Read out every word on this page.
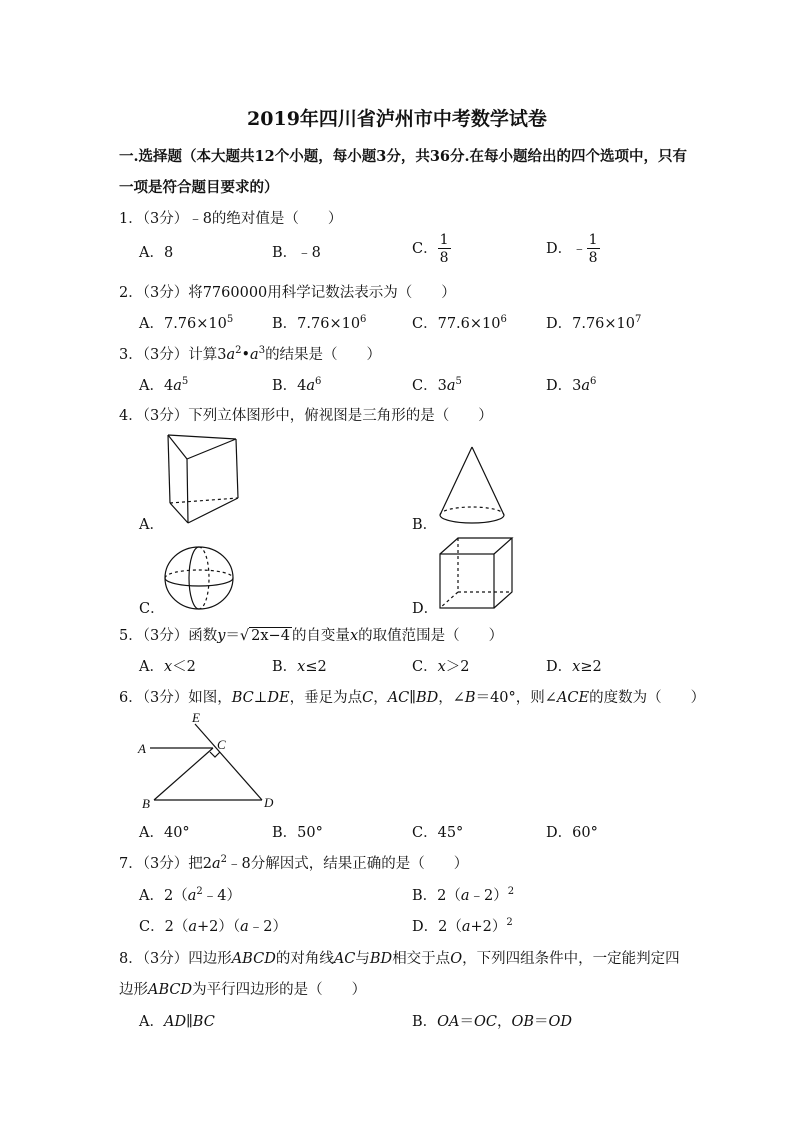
2019年四川省泸州市中考数学试卷
一.选择题（本大题共12个小题，每小题3分，共36分.在每小题给出的四个选项中，只有
一项是符合题目要求的）
1．（3分）﹣8的绝对值是（　　）
A．8	B．﹣8	C． $\frac{1}{8}$	D．﹣ $\frac{1}{8}$
2．（3分）将7760000用科学记数法表示为（　　）
A．$7.76\times 10^5$	B．$7.76\times 10^6$	C．$77.6\times 10^6$	D．$7.76\times 10^7$
3．（3分）计算$3a^2•a^3$的结果是（　　）
A．$4a^5$	B．$4a^6$	C．$3a^5$	D．$3a^6$
4．（3分）下列立体图形中，俯视图是三角形的是（　　）
A．	B．
C．	D．
5．（3分）函数y＝√ 2x−4 的自变量x的取值范围是（　　）
A．x＜2	B．x≤2	C．x＞2	D．x≥2
6．（3分）如图，BC⊥DE，垂足为点C，AC∥BD，∠B＝40°，则∠ACE的度数为（　　）
E
A	C
B	D
A．40°	B．50°	C．45°	D．60°
7．（3分）把$2a^2﹣8$分解因式，结果正确的是（　　）
A．$2(a^2﹣4)$	B．2（a﹣2）$^2$
C．2（a+2）（a﹣2）	D．$2(a+2)^2$
8．（3分）四边形ABCD的对角线AC与BD相交于点O，下列四组条件中，一定能判定四
边形ABCD为平行四边形的是（　　）
A．AD∥BC	B．OA＝OC，OB＝OD
